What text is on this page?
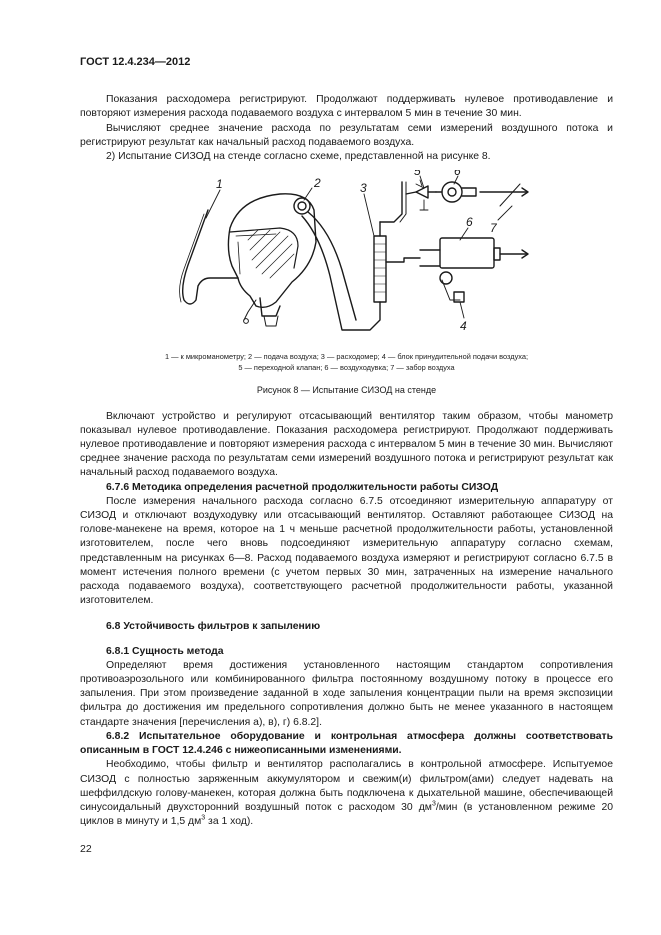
ГОСТ 12.4.234—2012

Показания расходомера регистрируют. Продолжают поддерживать нулевое противодавление и повторяют измерения расхода подаваемого воздуха с интервалом 5 мин в течение 30 мин.

Вычисляют среднее значение расхода по результатам семи измерений воздушного потока и регистрируют результат как начальный расход подаваемого воздуха.

2) Испытание СИЗОД на стенде согласно схеме, представленной на рисунке 8.

1	2	3
4
5	6
6 7
1 — к микроманометру; 2 — подача воздуха; 3 — расходомер; 4 — блок принудительной подачи воздуха;
5 — переходной клапан; 6 — воздуходувка; 7 — забор воздуха
Рисунок 8 — Испытание СИЗОД на стенде

Включают устройство и регулируют отсасывающий вентилятор таким образом, чтобы манометр показывал нулевое противодавление. Показания расходомера регистрируют. Продолжают поддерживать нулевое противодавление и повторяют измерения расхода с интервалом 5 мин в течение 30 мин. Вычисляют среднее значение расхода по результатам семи измерений воздушного потока и регистрируют результат как начальный расход подаваемого воздуха.

6.7.6 Методика определения расчетной продолжительности работы СИЗОД

После измерения начального расхода согласно 6.7.5 отсоединяют измерительную аппаратуру от СИЗОД и отключают воздуходувку или отсасывающий вентилятор. Оставляют работающее СИЗОД на голове-манекене на время, которое на 1 ч меньше расчетной продолжительности работы, установленной изготовителем, после чего вновь подсоединяют измерительную аппаратуру согласно схемам, представленным на рисунках 6—8. Расход подаваемого воздуха измеряют и регистрируют согласно 6.7.5 в момент истечения полного времени (с учетом первых 30 мин, затраченных на измерение начального расхода подаваемого воздуха), соответствующего расчетной продолжительности работы, указанной изготовителем.

6.8 Устойчивость фильтров к запылению
6.8.1 Сущность метода

Определяют время достижения установленного настоящим стандартом сопротивления противоаэрозольного или комбинированного фильтра постоянному воздушному потоку в процессе его запыления. При этом произведение заданной в ходе запыления концентрации пыли на время экспозиции фильтра до достижения им предельного сопротивления должно быть не менее указанного в настоящем стандарте значения [перечисления а), в), г) 6.8.2].

6.8.2 Испытательное оборудование и контрольная атмосфера должны соответствовать описанным в ГОСТ 12.4.246 с нижеописанными изменениями.

Необходимо, чтобы фильтр и вентилятор располагались в контрольной атмосфере. Испытуемое СИЗОД с полностью заряженным аккумулятором и свежим(и) фильтром(ами) следует надевать на шеффилдскую голову-манекен, которая должна быть подключена к дыхательной машине, обеспечивающей синусоидальный двухсторонний воздушный поток с расходом 30 $дм^3$/мин (в установленном режиме 20 циклов в минуту и 1,5 $дм^3$ за 1 ход).

22
